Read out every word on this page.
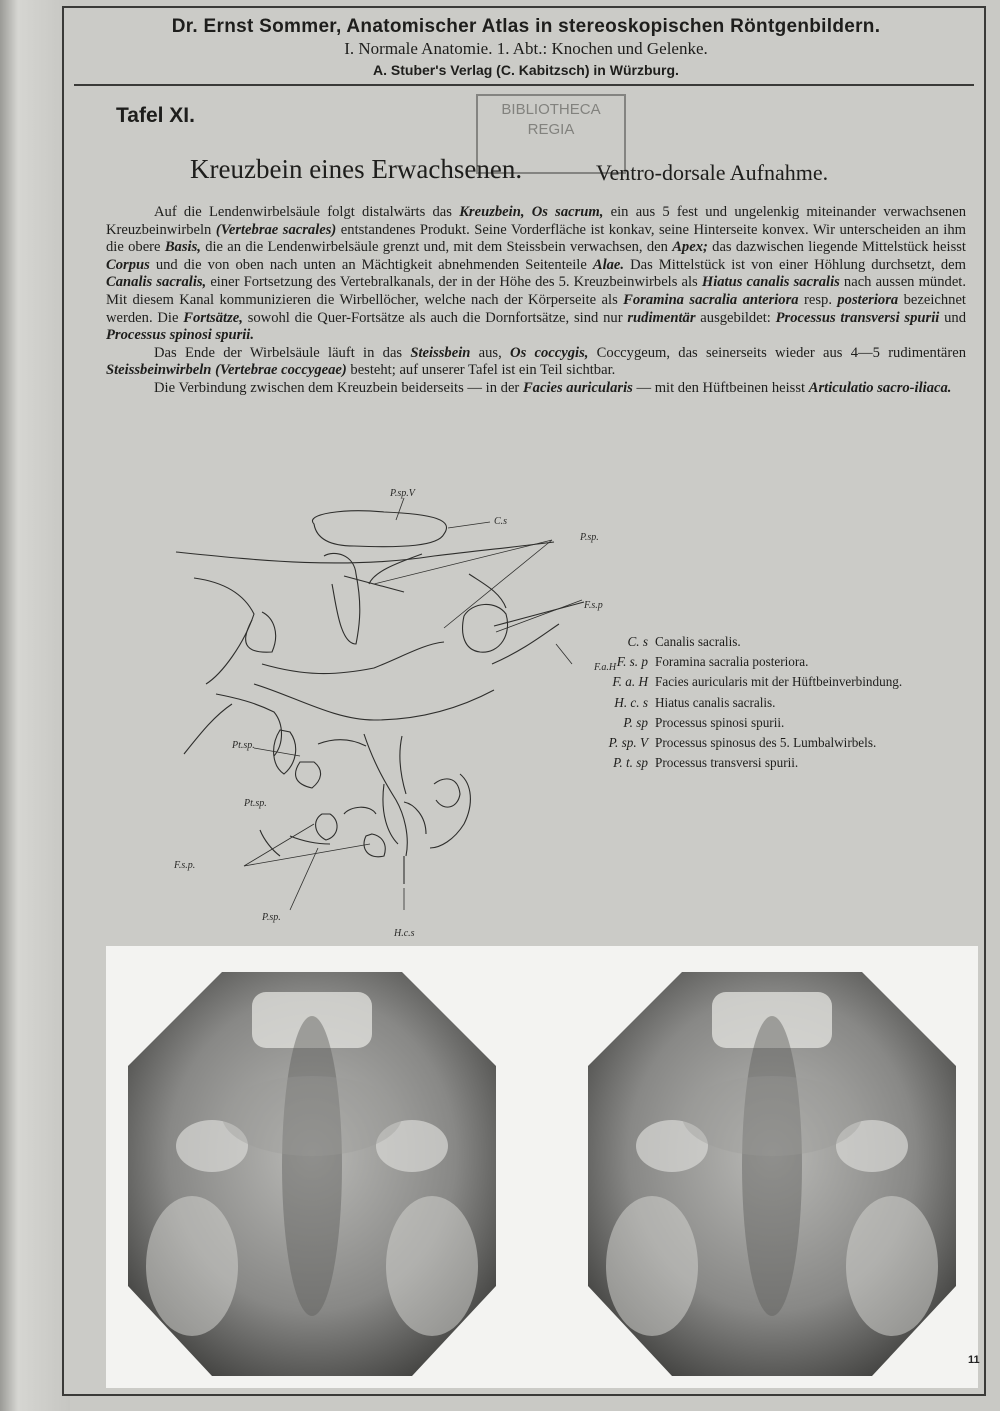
Dr. Ernst Sommer, Anatomischer Atlas in stereoskopischen Röntgenbildern.
I. Normale Anatomie. 1. Abt.: Knochen und Gelenke.
A. Stuber's Verlag (C. Kabitzsch) in Würzburg.
Tafel XI.	BIBLIOTHECA
REGIA
Kreuzbein eines Erwachsenen.	Ventro-dorsale Aufnahme.

Auf die Lendenwirbelsäule folgt distalwärts das Kreuzbein, Os sacrum, ein aus 5 fest und ungelenkig miteinander verwachsenen Kreuzbeinwirbeln (Vertebrae sacrales) entstandenes Produkt. Seine Vorderfläche ist konkav, seine Hinterseite konvex. Wir unterscheiden an ihm die obere Basis, die an die Lendenwirbelsäule grenzt und, mit dem Steissbein verwachsen, den Apex; das dazwischen liegende Mittelstück heisst Corpus und die von oben nach unten an Mächtigkeit abnehmenden Seitenteile Alae. Das Mittelstück ist von einer Höhlung durchsetzt, dem Canalis sacralis, einer Fortsetzung des Vertebralkanals, der in der Höhe des 5. Kreuzbeinwirbels als Hiatus canalis sacralis nach aussen mündet. Mit diesem Kanal kommunizieren die Wirbellöcher, welche nach der Körperseite als Foramina sacralia anteriora resp. posteriora bezeichnet werden. Die Fortsätze, sowohl die Quer-Fortsätze als auch die Dornfortsätze, sind nur rudimentär ausgebildet: Processus transversi spurii und Processus spinosi spurii.

Das Ende der Wirbelsäule läuft in das Steissbein aus, Os coccygis, Coccygeum, das seinerseits wieder aus 4—5 rudimentären Steissbeinwirbeln (Vertebrae coccygeae) besteht; auf unserer Tafel ist ein Teil sichtbar.

Die Verbindung zwischen dem Kreuzbein beiderseits — in der Facies auricularis — mit den Hüftbeinen heisst Articulatio sacro-iliaca.

P.sp.V
C.s
P.sp.
F.s.p
F.a.H
Pt.sp.
Pt.sp.
F.s.p.
P.sp.
H.c.s
C. s Canalis sacralis.
F. s. p Foramina sacralia posteriora.
F. a. H Facies auricularis mit der Hüftbeinverbindung.
H. c. s Hiatus canalis sacralis.
P. sp Processus spinosi spurii.
P. sp. V Processus spinosus des 5. Lumbalwirbels.
P. t. sp Processus transversi spurii.
11
